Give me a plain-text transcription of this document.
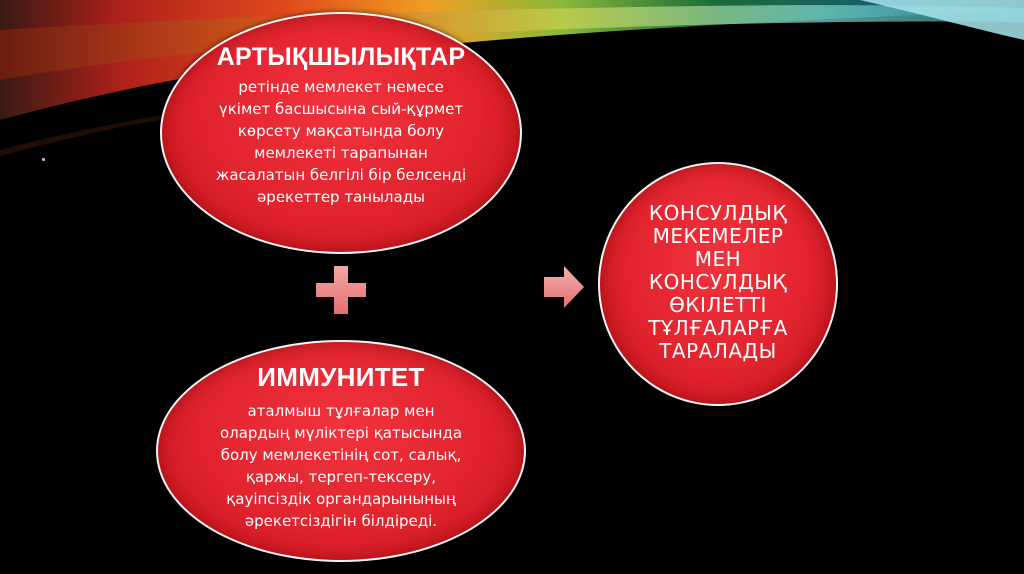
АРТЫҚШЫЛЫҚТАР
ретінде мемлекет немесе
үкімет басшысына сый-құрмет
көрсету мақсатында болу
мемлекеті тарапынан
жасалатын белгілі бір белсенді
әрекеттер танылады
ИММУНИТЕТ
аталмыш тұлғалар мен
олардың мүліктері қатысында
болу мемлекетінің сот, салық,
қаржы, тергеп-тексеру,
қауіпсіздік органдарынының
әрекетсіздігін білдіреді.
КОНСУЛДЫҚ
МЕКЕМЕЛЕР
МЕН
КОНСУЛДЫҚ
ӨКІЛЕТТІ
ТҰЛҒАЛАРҒА
ТАРАЛАДЫ
